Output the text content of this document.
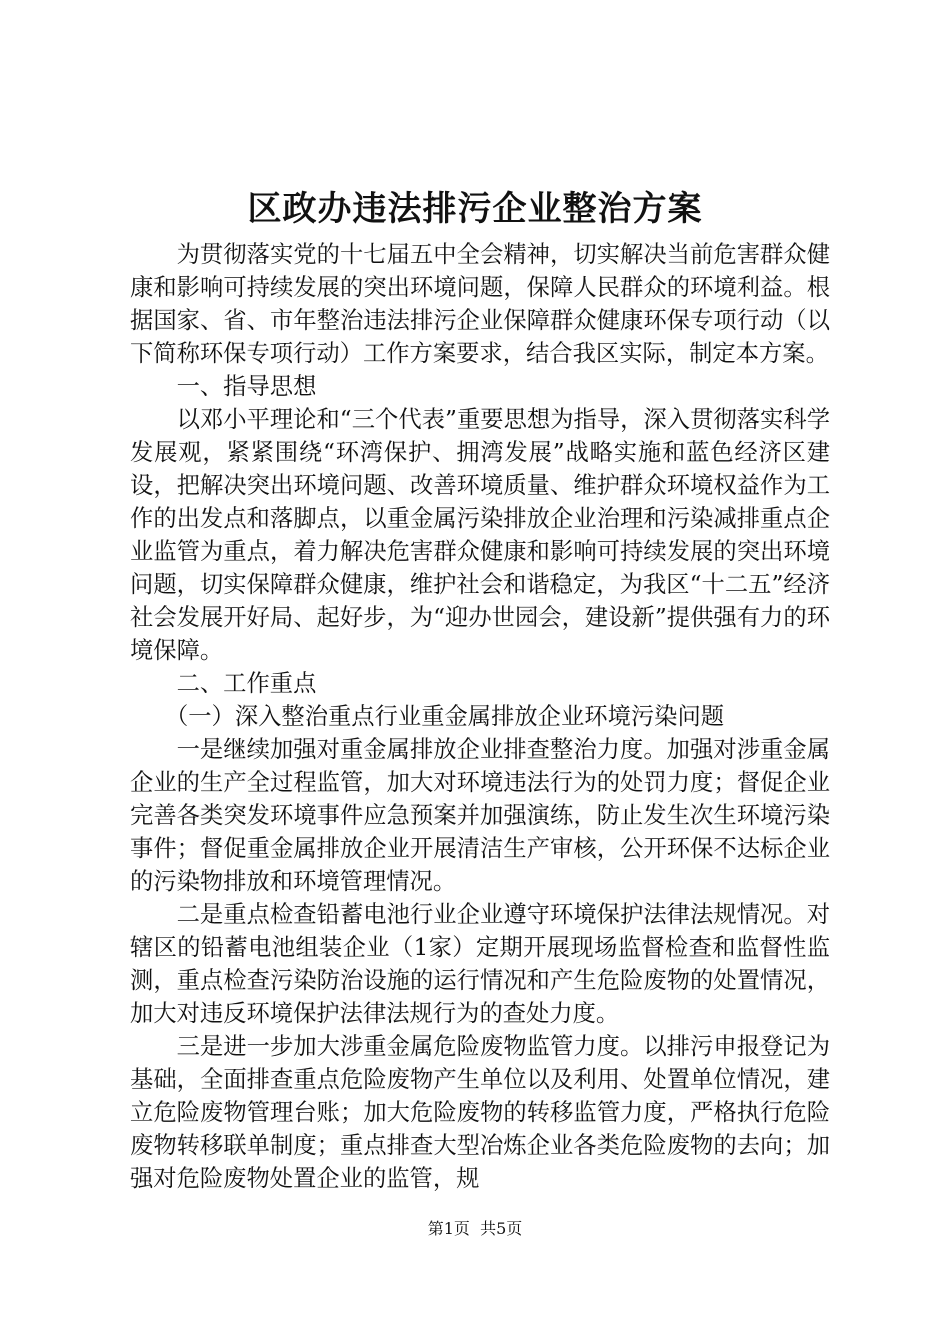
区政办违法排污企业整治方案

为贯彻落实党的十七届五中全会精神，切实解决当前危害群众健康和影响可持续发展的突出环境问题，保障人民群众的环境利益。根据国家、省、市年整治违法排污企业保障群众健康环保专项行动（以下简称环保专项行动）工作方案要求，结合我区实际，制定本方案。

一、指导思想

以邓小平理论和“三个代表”重要思想为指导，深入贯彻落实科学发展观，紧紧围绕“环湾保护、拥湾发展”战略实施和蓝色经济区建设，把解决突出环境问题、改善环境质量、维护群众环境权益作为工作的出发点和落脚点，以重金属污染排放企业治理和污染减排重点企业监管为重点，着力解决危害群众健康和影响可持续发展的突出环境问题，切实保障群众健康，维护社会和谐稳定，为我区“十二五”经济社会发展开好局、起好步，为“迎办世园会，建设新”提供强有力的环境保障。

二、工作重点

（一）深入整治重点行业重金属排放企业环境污染问题

一是继续加强对重金属排放企业排查整治力度。加强对涉重金属企业的生产全过程监管，加大对环境违法行为的处罚力度；督促企业完善各类突发环境事件应急预案并加强演练，防止发生次生环境污染事件；督促重金属排放企业开展清洁生产审核，公开环保不达标企业的污染物排放和环境管理情况。

二是重点检查铅蓄电池行业企业遵守环境保护法律法规情况。对辖区的铅蓄电池组装企业（1家）定期开展现场监督检查和监督性监测，重点检查污染防治设施的运行情况和产生危险废物的处置情况，加大对违反环境保护法律法规行为的查处力度。

三是进一步加大涉重金属危险废物监管力度。以排污申报登记为基础，全面排查重点危险废物产生单位以及利用、处置单位情况，建立危险废物管理台账；加大危险废物的转移监管力度，严格执行危险废物转移联单制度；重点排查大型冶炼企业各类危险废物的去向；加强对危险废物处置企业的监管，规

第1页 共5页
